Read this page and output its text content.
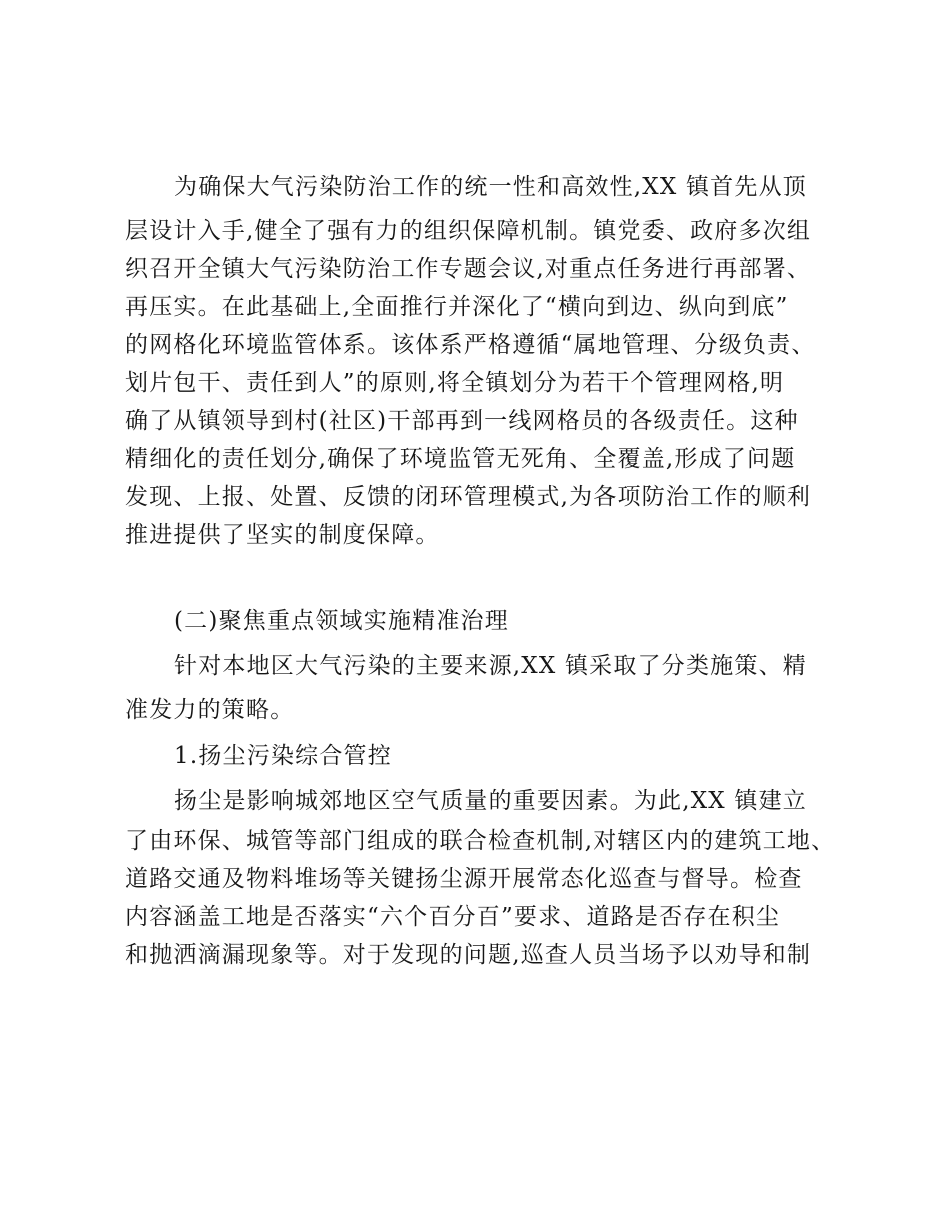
为确保大气污染防治工作的统一性和高效性,XX 镇首先从顶
层设计入手,健全了强有力的组织保障机制。镇党委、政府多次组
织召开全镇大气污染防治工作专题会议,对重点任务进行再部署、
再压实。在此基础上,全面推行并深化了“横向到边、纵向到底”
的网格化环境监管体系。该体系严格遵循“属地管理、分级负责、
划片包干、责任到人”的原则,将全镇划分为若干个管理网格,明
确了从镇领导到村(社区)干部再到一线网格员的各级责任。这种
精细化的责任划分,确保了环境监管无死角、全覆盖,形成了问题
发现、上报、处置、反馈的闭环管理模式,为各项防治工作的顺利
推进提供了坚实的制度保障。
(二)聚焦重点领域实施精准治理
针对本地区大气污染的主要来源,XX 镇采取了分类施策、精
准发力的策略。
1.扬尘污染综合管控
扬尘是影响城郊地区空气质量的重要因素。为此,XX 镇建立
了由环保、城管等部门组成的联合检查机制,对辖区内的建筑工地、
道路交通及物料堆场等关键扬尘源开展常态化巡查与督导。检查
内容涵盖工地是否落实“六个百分百”要求、道路是否存在积尘
和抛洒滴漏现象等。对于发现的问题,巡查人员当场予以劝导和制
